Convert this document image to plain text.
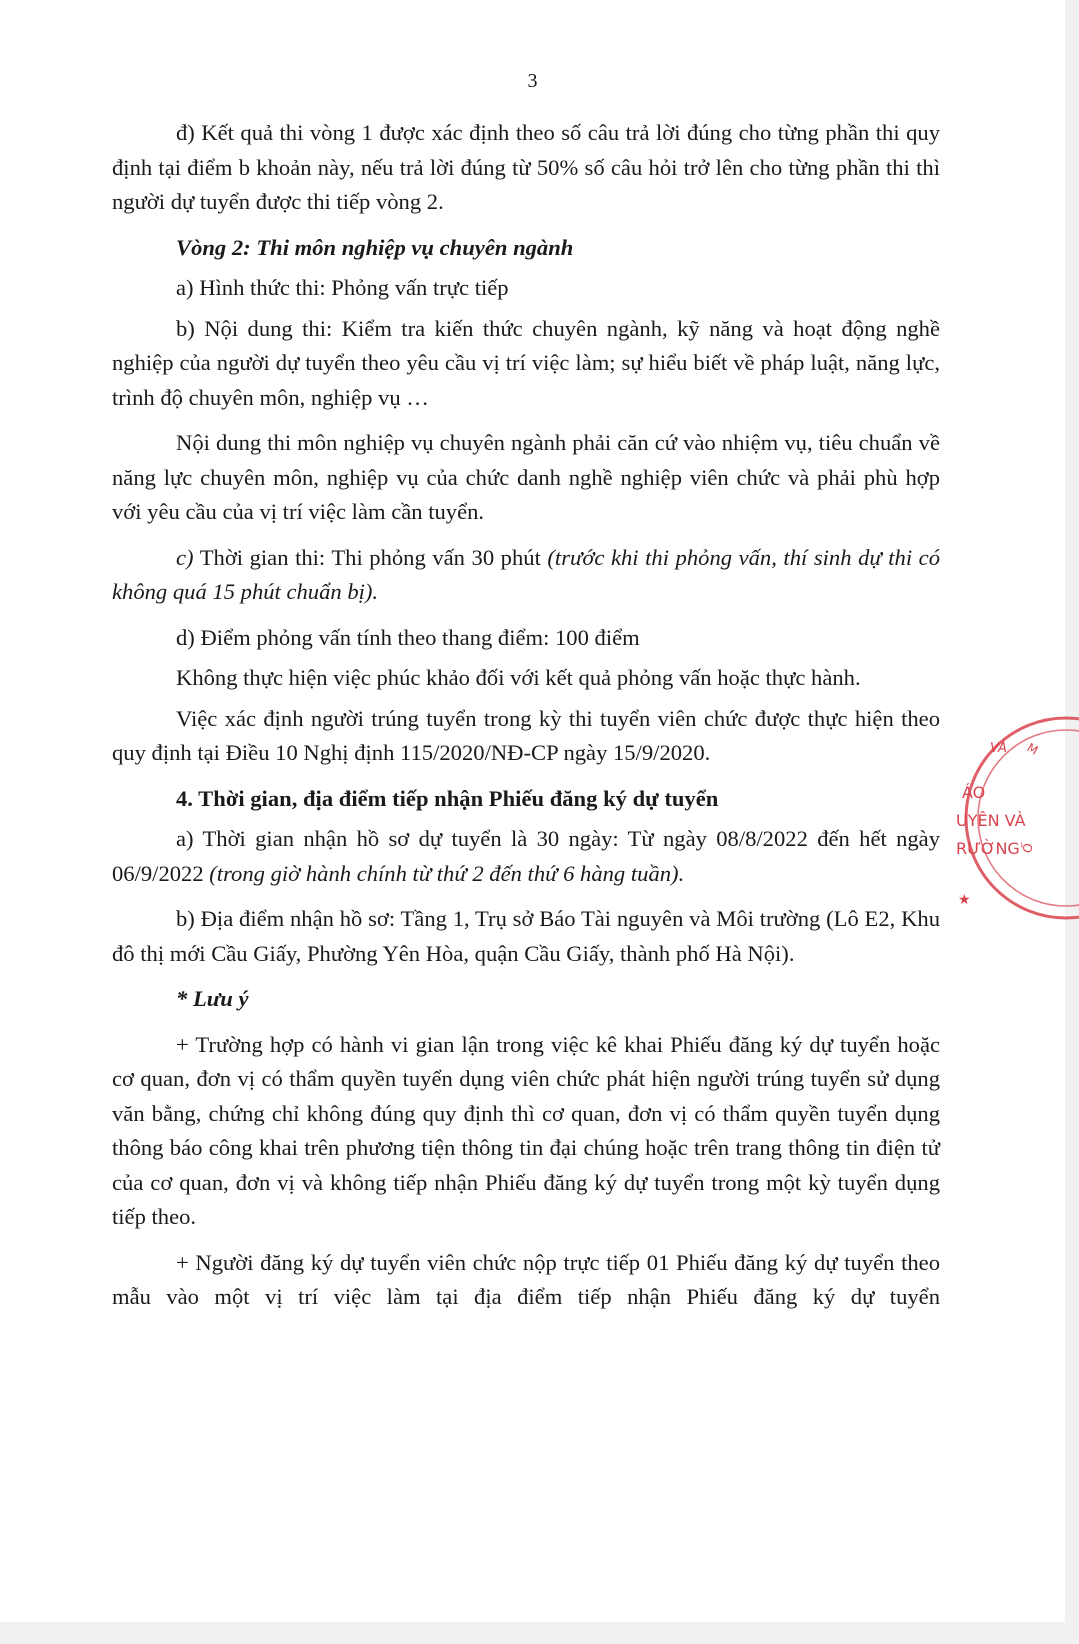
3

đ) Kết quả thi vòng 1 được xác định theo số câu trả lời đúng cho từng phần thi quy định tại điểm b khoản này, nếu trả lời đúng từ 50% số câu hỏi trở lên cho từng phần thi thì người dự tuyển được thi tiếp vòng 2.

Vòng 2: Thi môn nghiệp vụ chuyên ngành

a) Hình thức thi: Phỏng vấn trực tiếp

b) Nội dung thi: Kiểm tra kiến thức chuyên ngành, kỹ năng và hoạt động nghề nghiệp của người dự tuyển theo yêu cầu vị trí việc làm; sự hiểu biết về pháp luật, năng lực, trình độ chuyên môn, nghiệp vụ …

Nội dung thi môn nghiệp vụ chuyên ngành phải căn cứ vào nhiệm vụ, tiêu chuẩn về năng lực chuyên môn, nghiệp vụ của chức danh nghề nghiệp viên chức và phải phù hợp với yêu cầu của vị trí việc làm cần tuyển.

c) Thời gian thi: Thi phỏng vấn 30 phút (trước khi thi phỏng vấn, thí sinh dự thi có không quá 15 phút chuẩn bị).

d) Điểm phỏng vấn tính theo thang điểm: 100 điểm

Không thực hiện việc phúc khảo đối với kết quả phỏng vấn hoặc thực hành.

Việc xác định người trúng tuyển trong kỳ thi tuyển viên chức được thực hiện theo quy định tại Điều 10 Nghị định 115/2020/NĐ-CP ngày 15/9/2020.

4. Thời gian, địa điểm tiếp nhận Phiếu đăng ký dự tuyển

a) Thời gian nhận hồ sơ dự tuyển là 30 ngày: Từ ngày 08/8/2022 đến hết ngày 06/9/2022 (trong giờ hành chính từ thứ 2 đến thứ 6 hàng tuần).

b) Địa điểm nhận hồ sơ: Tầng 1, Trụ sở Báo Tài nguyên và Môi trường (Lô E2, Khu đô thị mới Cầu Giấy, Phường Yên Hòa, quận Cầu Giấy, thành phố Hà Nội).

* Lưu ý

+ Trường hợp có hành vi gian lận trong việc kê khai Phiếu đăng ký dự tuyển hoặc cơ quan, đơn vị có thẩm quyền tuyển dụng viên chức phát hiện người trúng tuyển sử dụng văn bằng, chứng chỉ không đúng quy định thì cơ quan, đơn vị có thẩm quyền tuyển dụng thông báo công khai trên phương tiện thông tin đại chúng hoặc trên trang thông tin điện tử của cơ quan, đơn vị và không tiếp nhận Phiếu đăng ký dự tuyển trong một kỳ tuyển dụng tiếp theo.

+ Người đăng ký dự tuyển viên chức nộp trực tiếp 01 Phiếu đăng ký dự tuyển theo mẫu vào một vị trí việc làm tại địa điểm tiếp nhận Phiếu đăng ký dự tuyển

VÀ M
ÁO
UYÊN VÀ
RƯỜNG Ố
★
